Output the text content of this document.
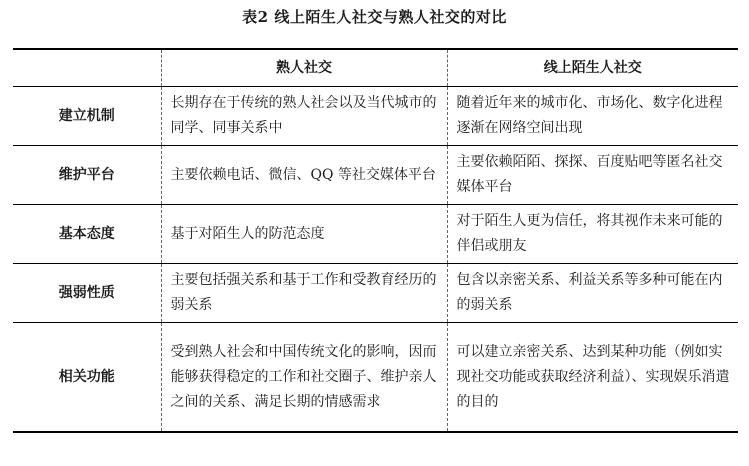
表2 线上陌生人社交与熟人社交的对比
	熟人社交	线上陌生人社交
建立机制	长期存在于传统的熟人社会以及当代城市的同学、同事关系中	随着近年来的城市化、市场化、数字化进程逐渐在网络空间出现
维护平台	主要依赖电话、微信、QQ 等社交媒体平台	主要依赖陌陌、探探、百度贴吧等匿名社交媒体平台
基本态度	基于对陌生人的防范态度	对于陌生人更为信任，将其视作未来可能的伴侣或朋友
强弱性质	主要包括强关系和基于工作和受教育经历的弱关系	包含以亲密关系、利益关系等多种可能在内的弱关系
相关功能	受到熟人社会和中国传统文化的影响，因而能够获得稳定的工作和社交圈子、维护亲人之间的关系、满足长期的情感需求	可以建立亲密关系、达到某种功能（例如实现社交功能或获取经济利益）、实现娱乐消遣的目的
